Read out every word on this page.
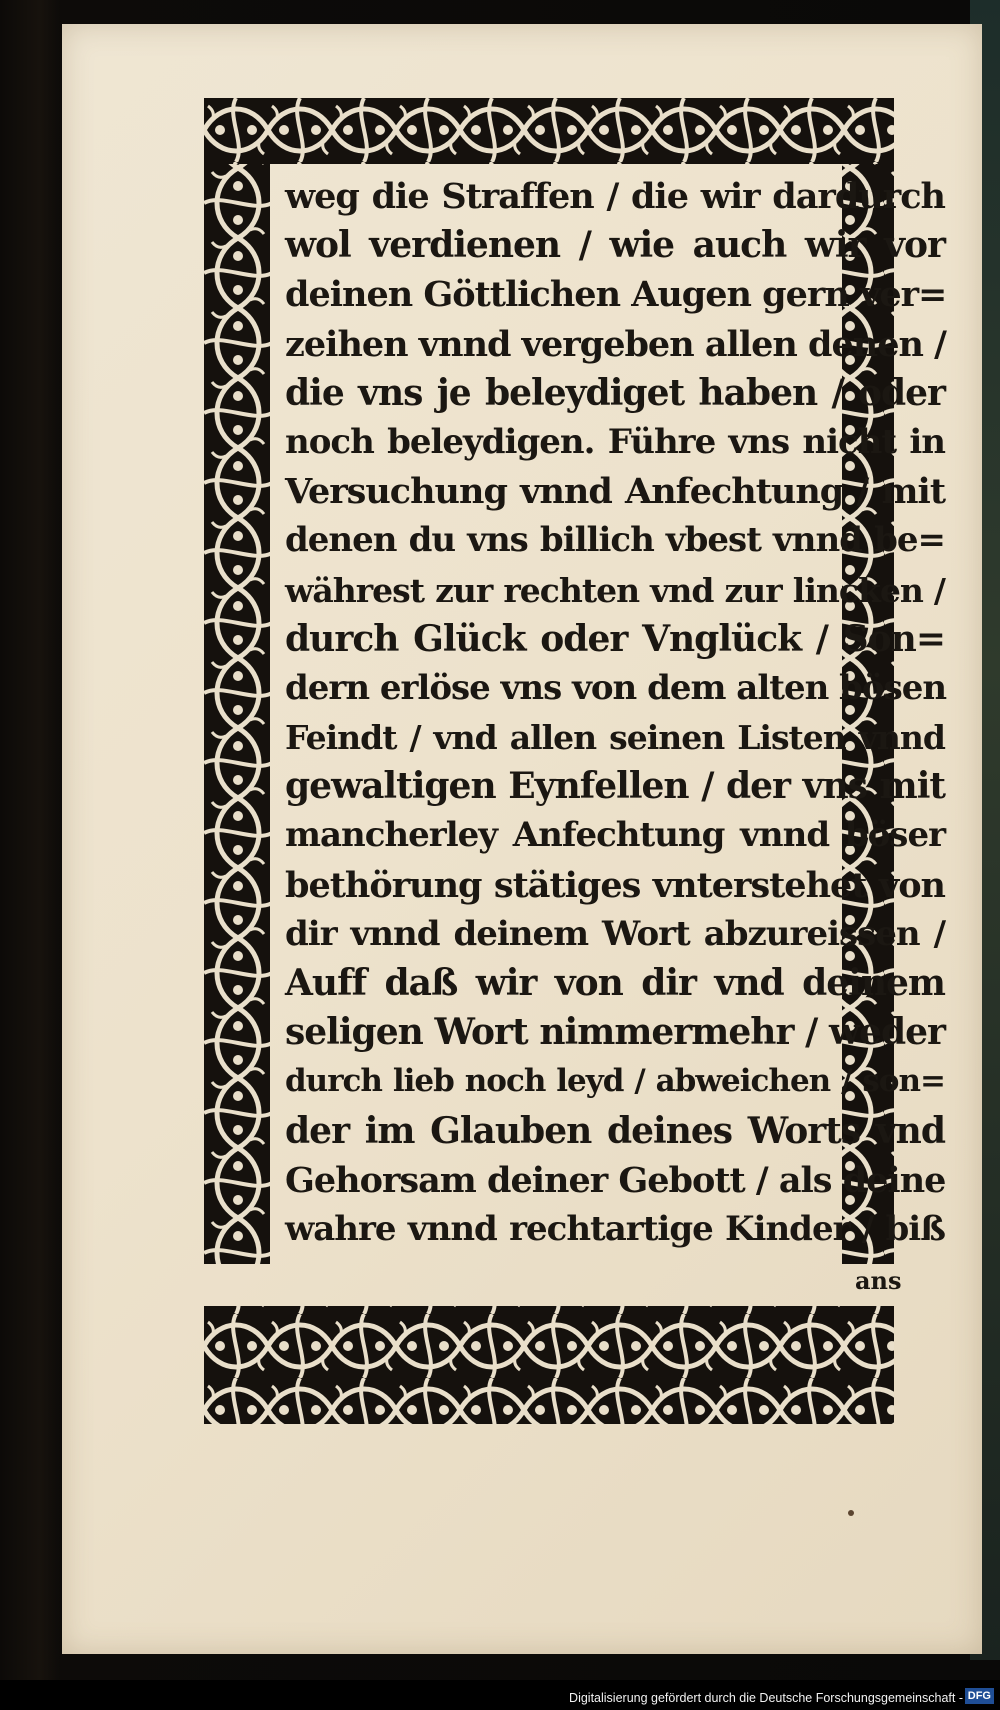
weg die Straffen / die wir dardurch
wol verdienen / wie auch wir vor
deinen Göttlichen Augen gern ver=
zeihen vnnd vergeben allen denen /
die vns je beleydiget haben / oder
noch beleydigen. Führe vns nicht in
Versuchung vnnd Anfechtung / mit
denen du vns billich vbest vnnd be=
währest zur rechten vnd zur lincken /
durch Glück oder Vnglück / Son=
dern erlöse vns von dem alten bösen
Feindt / vnd allen seinen Listen vnnd
gewaltigen Eynfellen / der vns mit
mancherley Anfechtung vnnd böser
bethörung stätiges vnterstehet von
dir vnnd deinem Wort abzureissen /
Auff daß wir von dir vnd deinem
seligen Wort nimmermehr / weder
durch lieb noch leyd / abweichen / son=
der im Glauben deines Worts vnd
Gehorsam deiner Gebott / als deine
wahre vnnd rechtartige Kinder / biß
ans
Digitalisierung gefördert durch die Deutsche Forschungsgemeinschaft - DFG
